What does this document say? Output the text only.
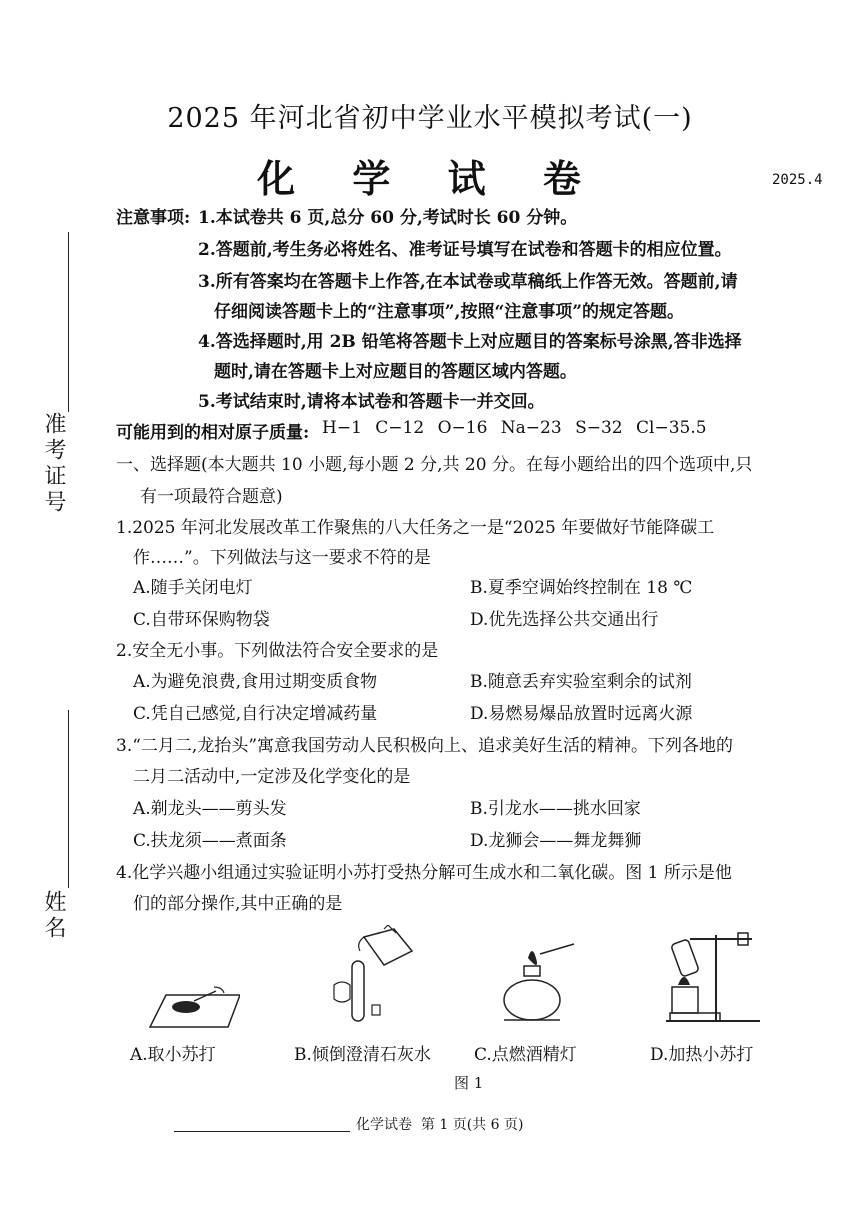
2025 年河北省初中学业水平模拟考试(一)
化 学 试 卷	2025.4
准考证号
姓名
注意事项: 1.本试卷共 6 页,总分 60 分,考试时长 60 分钟。
2.答题前,考生务必将姓名、准考证号填写在试卷和答题卡的相应位置。
3.所有答案均在答题卡上作答,在本试卷或草稿纸上作答无效。答题前,请
仔细阅读答题卡上的“注意事项”,按照“注意事项”的规定答题。
4.答选择题时,用 2B 铅笔将答题卡上对应题目的答案标号涂黑,答非选择
题时,请在答题卡上对应题目的答题区域内答题。
5.考试结束时,请将本试卷和答题卡一并交回。
可能用到的相对原子质量: H−1 C−12 O−16 Na−23 S−32 Cl−35.5
一、选择题(本大题共 10 小题,每小题 2 分,共 20 分。在每小题给出的四个选项中,只
有一项最符合题意)
1.2025 年河北发展改革工作聚焦的八大任务之一是“2025 年要做好节能降碳工
作……”。下列做法与这一要求不符的是
A.随手关闭电灯	B.夏季空调始终控制在 18 ℃
C.自带环保购物袋	D.优先选择公共交通出行
2.安全无小事。下列做法符合安全要求的是
A.为避免浪费,食用过期变质食物	B.随意丢弃实验室剩余的试剂
C.凭自己感觉,自行决定增减药量	D.易燃易爆品放置时远离火源
3.“二月二,龙抬头”寓意我国劳动人民积极向上、追求美好生活的精神。下列各地的
二月二活动中,一定涉及化学变化的是
A.剃龙头——剪头发	B.引龙水——挑水回家
C.扶龙须——煮面条	D.龙狮会——舞龙舞狮
4.化学兴趣小组通过实验证明小苏打受热分解可生成水和二氧化碳。图 1 所示是他
们的部分操作,其中正确的是
A.取小苏打	B.倾倒澄清石灰水	C.点燃酒精灯	D.加热小苏打
图 1
化学试卷  第 1 页(共 6 页)
